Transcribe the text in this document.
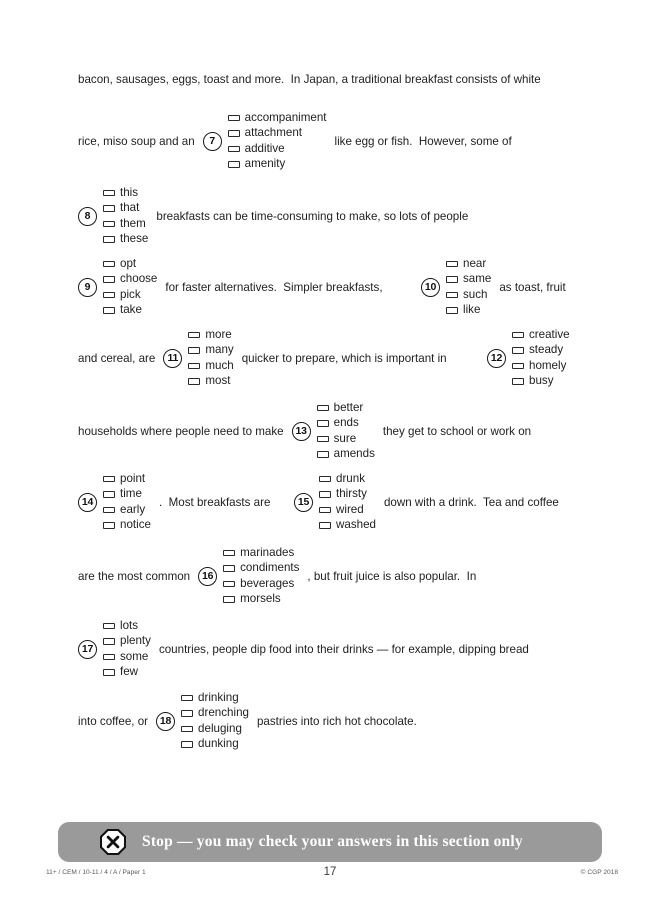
bacon, sausages, eggs, toast and more.  In Japan, a traditional breakfast consists of white
rice, miso soup and an	7
accompaniment
attachment
additive
amenity
like egg or fish.  However, some of
8
this
that
them
these
breakfasts can be time-consuming to make, so lots of people
9
opt
choose
pick
take
for faster alternatives.  Simpler breakfasts,	10
near
same
such
like
as toast, fruit
and cereal, are	11
more
many
much
most
quicker to prepare, which is important in	12
creative
steady
homely
busy
households where people need to make	13
better
ends
sure
amends
they get to school or work on
14
point
time
early
notice
.  Most breakfasts are	15
drunk
thirsty
wired
washed
down with a drink.  Tea and coffee
are the most common	16
marinades
condiments
beverages
morsels
, but fruit juice is also popular.  In
17
lots
plenty
some
few
countries, people dip food into their drinks — for example, dipping bread
into coffee, or	18
drinking
drenching
deluging
dunking
pastries into rich hot chocolate.
Stop — you may check your answers in this section only
11+ / CEM / 10-11 / 4 / A / Paper 1	17	© CGP 2018
